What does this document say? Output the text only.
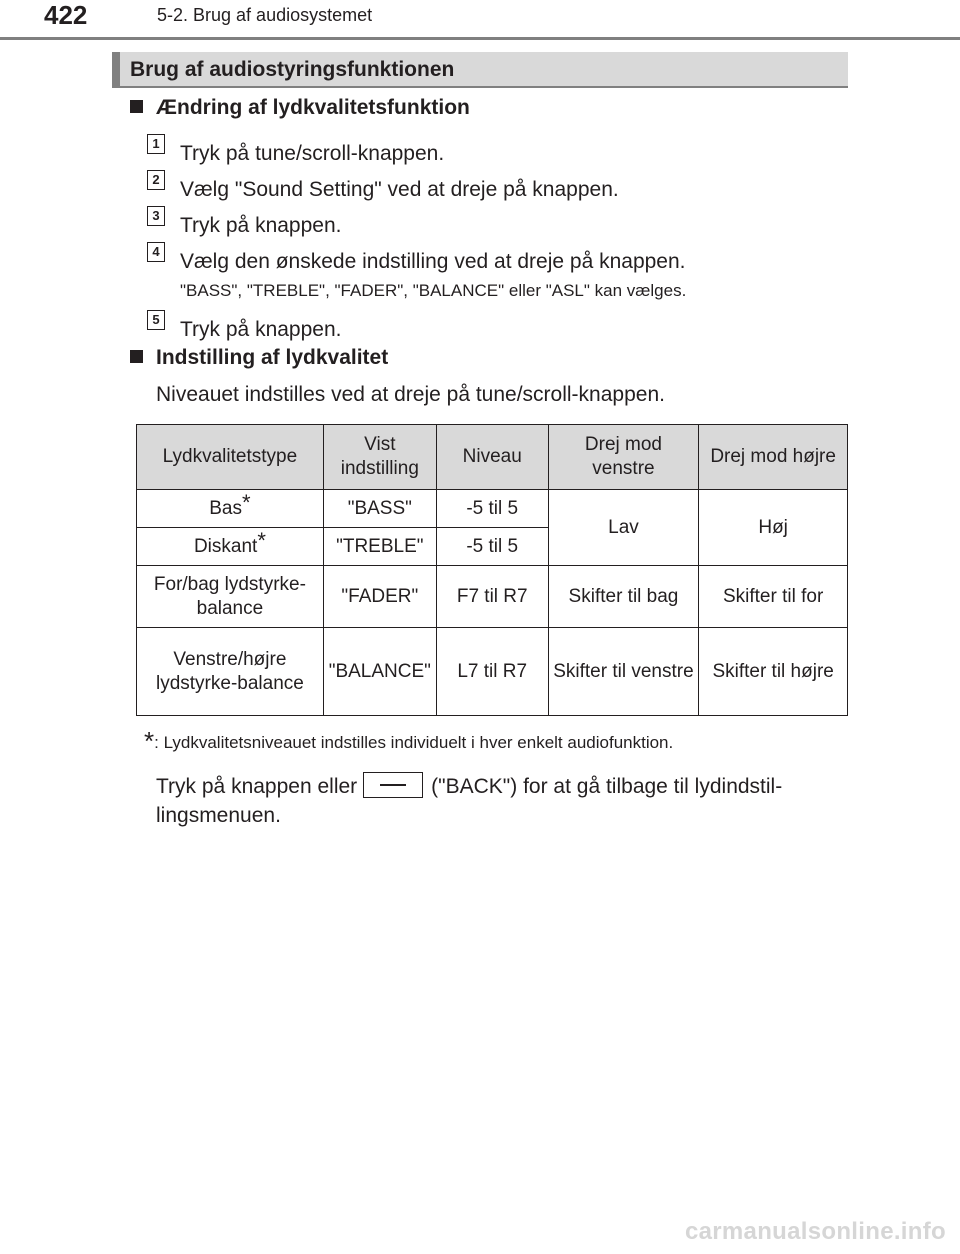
422	5-2. Brug af audiosystemet
Brug af audiostyringsfunktionen
Ændring af lydkvalitetsfunktion
1 Tryk på tune/scroll-knappen.
2 Vælg "Sound Setting" ved at dreje på knappen.
3 Tryk på knappen.
4 Vælg den ønskede indstilling ved at dreje på knappen.
"BASS", "TREBLE", "FADER", "BALANCE" eller "ASL" kan vælges.
5 Tryk på knappen.
Indstilling af lydkvalitet
Niveauet indstilles ved at dreje på tune/scroll-knappen.
Lydkvalitetstype	Vist indstilling	Niveau	Drej mod venstre	Drej mod højre
Bas*	"BASS"	-5 til 5	Lav	Høj
Diskant*	"TREBLE"	-5 til 5		
For/bag lydstyrke-balance	"FADER"	F7 til R7	Skifter til bag	Skifter til for
Venstre/højre lydstyrke-balance	"BALANCE"	L7 til R7	Skifter til venstre	Skifter til højre
*: Lydkvalitetsniveauet indstilles individuelt i hver enkelt audiofunktion.
Tryk på knappen eller	("BACK") for at gå tilbage til lydindstil-
lingsmenuen.
carmanualsonline.info
